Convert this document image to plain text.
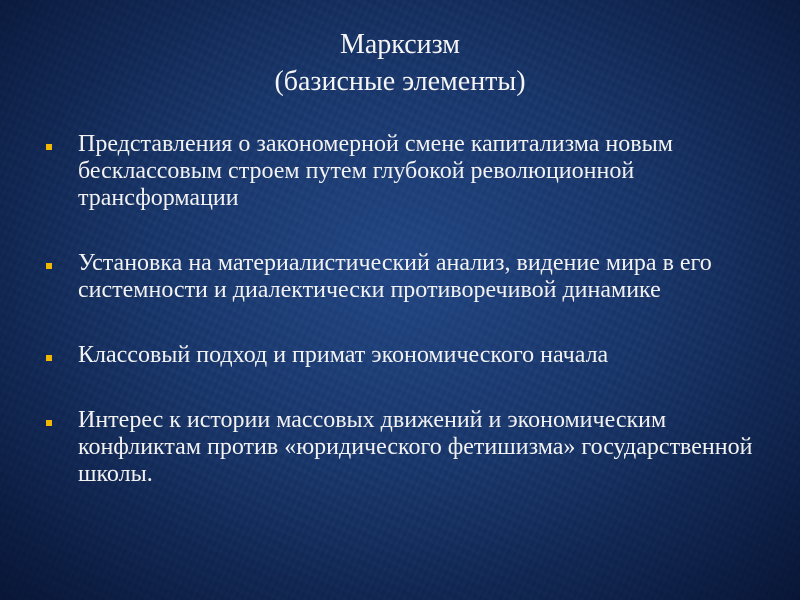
Марксизм
(базисные элементы)
Представления о закономерной смене капитализма новым бесклассовым строем путем глубокой революционной трансформации
Установка на материалистический анализ, видение мира в его системности и диалектически противоречивой динамике
Классовый подход и примат экономического начала
Интерес к истории массовых движений и экономическим конфликтам против «юридического фетишизма» государственной школы.
